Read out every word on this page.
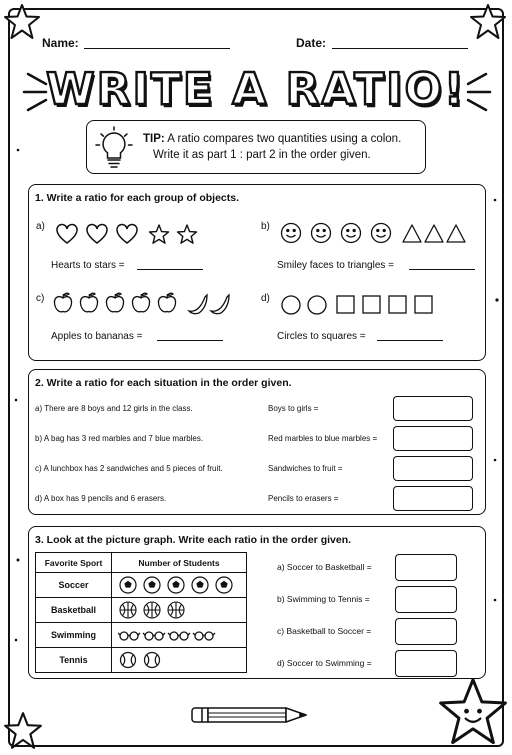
Name:	Date:
WRITE A RATIO!
TIP: A ratio compares two quantities using a colon.
Write it as part 1 : part 2 in the order given.
1. Write a ratio for each group of objects.
a)
Hearts to stars =
b)
Smiley faces to triangles =
c)
Apples to bananas =
d)
Circles to squares =
2. Write a ratio for each situation in the order given.
a) There are 8 boys and 12 girls in the class.	Boys to girls =
b) A bag has 3 red marbles and 7 blue marbles.	Red marbles to blue marbles =
c) A lunchbox has 2 sandwiches and 5 pieces of fruit.	Sandwiches to fruit =
d) A box has 9 pencils and 6 erasers.	Pencils to erasers =
3. Look at the picture graph. Write each ratio in the order given.
Favorite Sport	Number of Students
Soccer	

Basketball	

Swimming	

Tennis	
a) Soccer to Basketball =
b) Swimming to Tennis =
c) Basketball to Soccer =
d) Soccer to Swimming =
